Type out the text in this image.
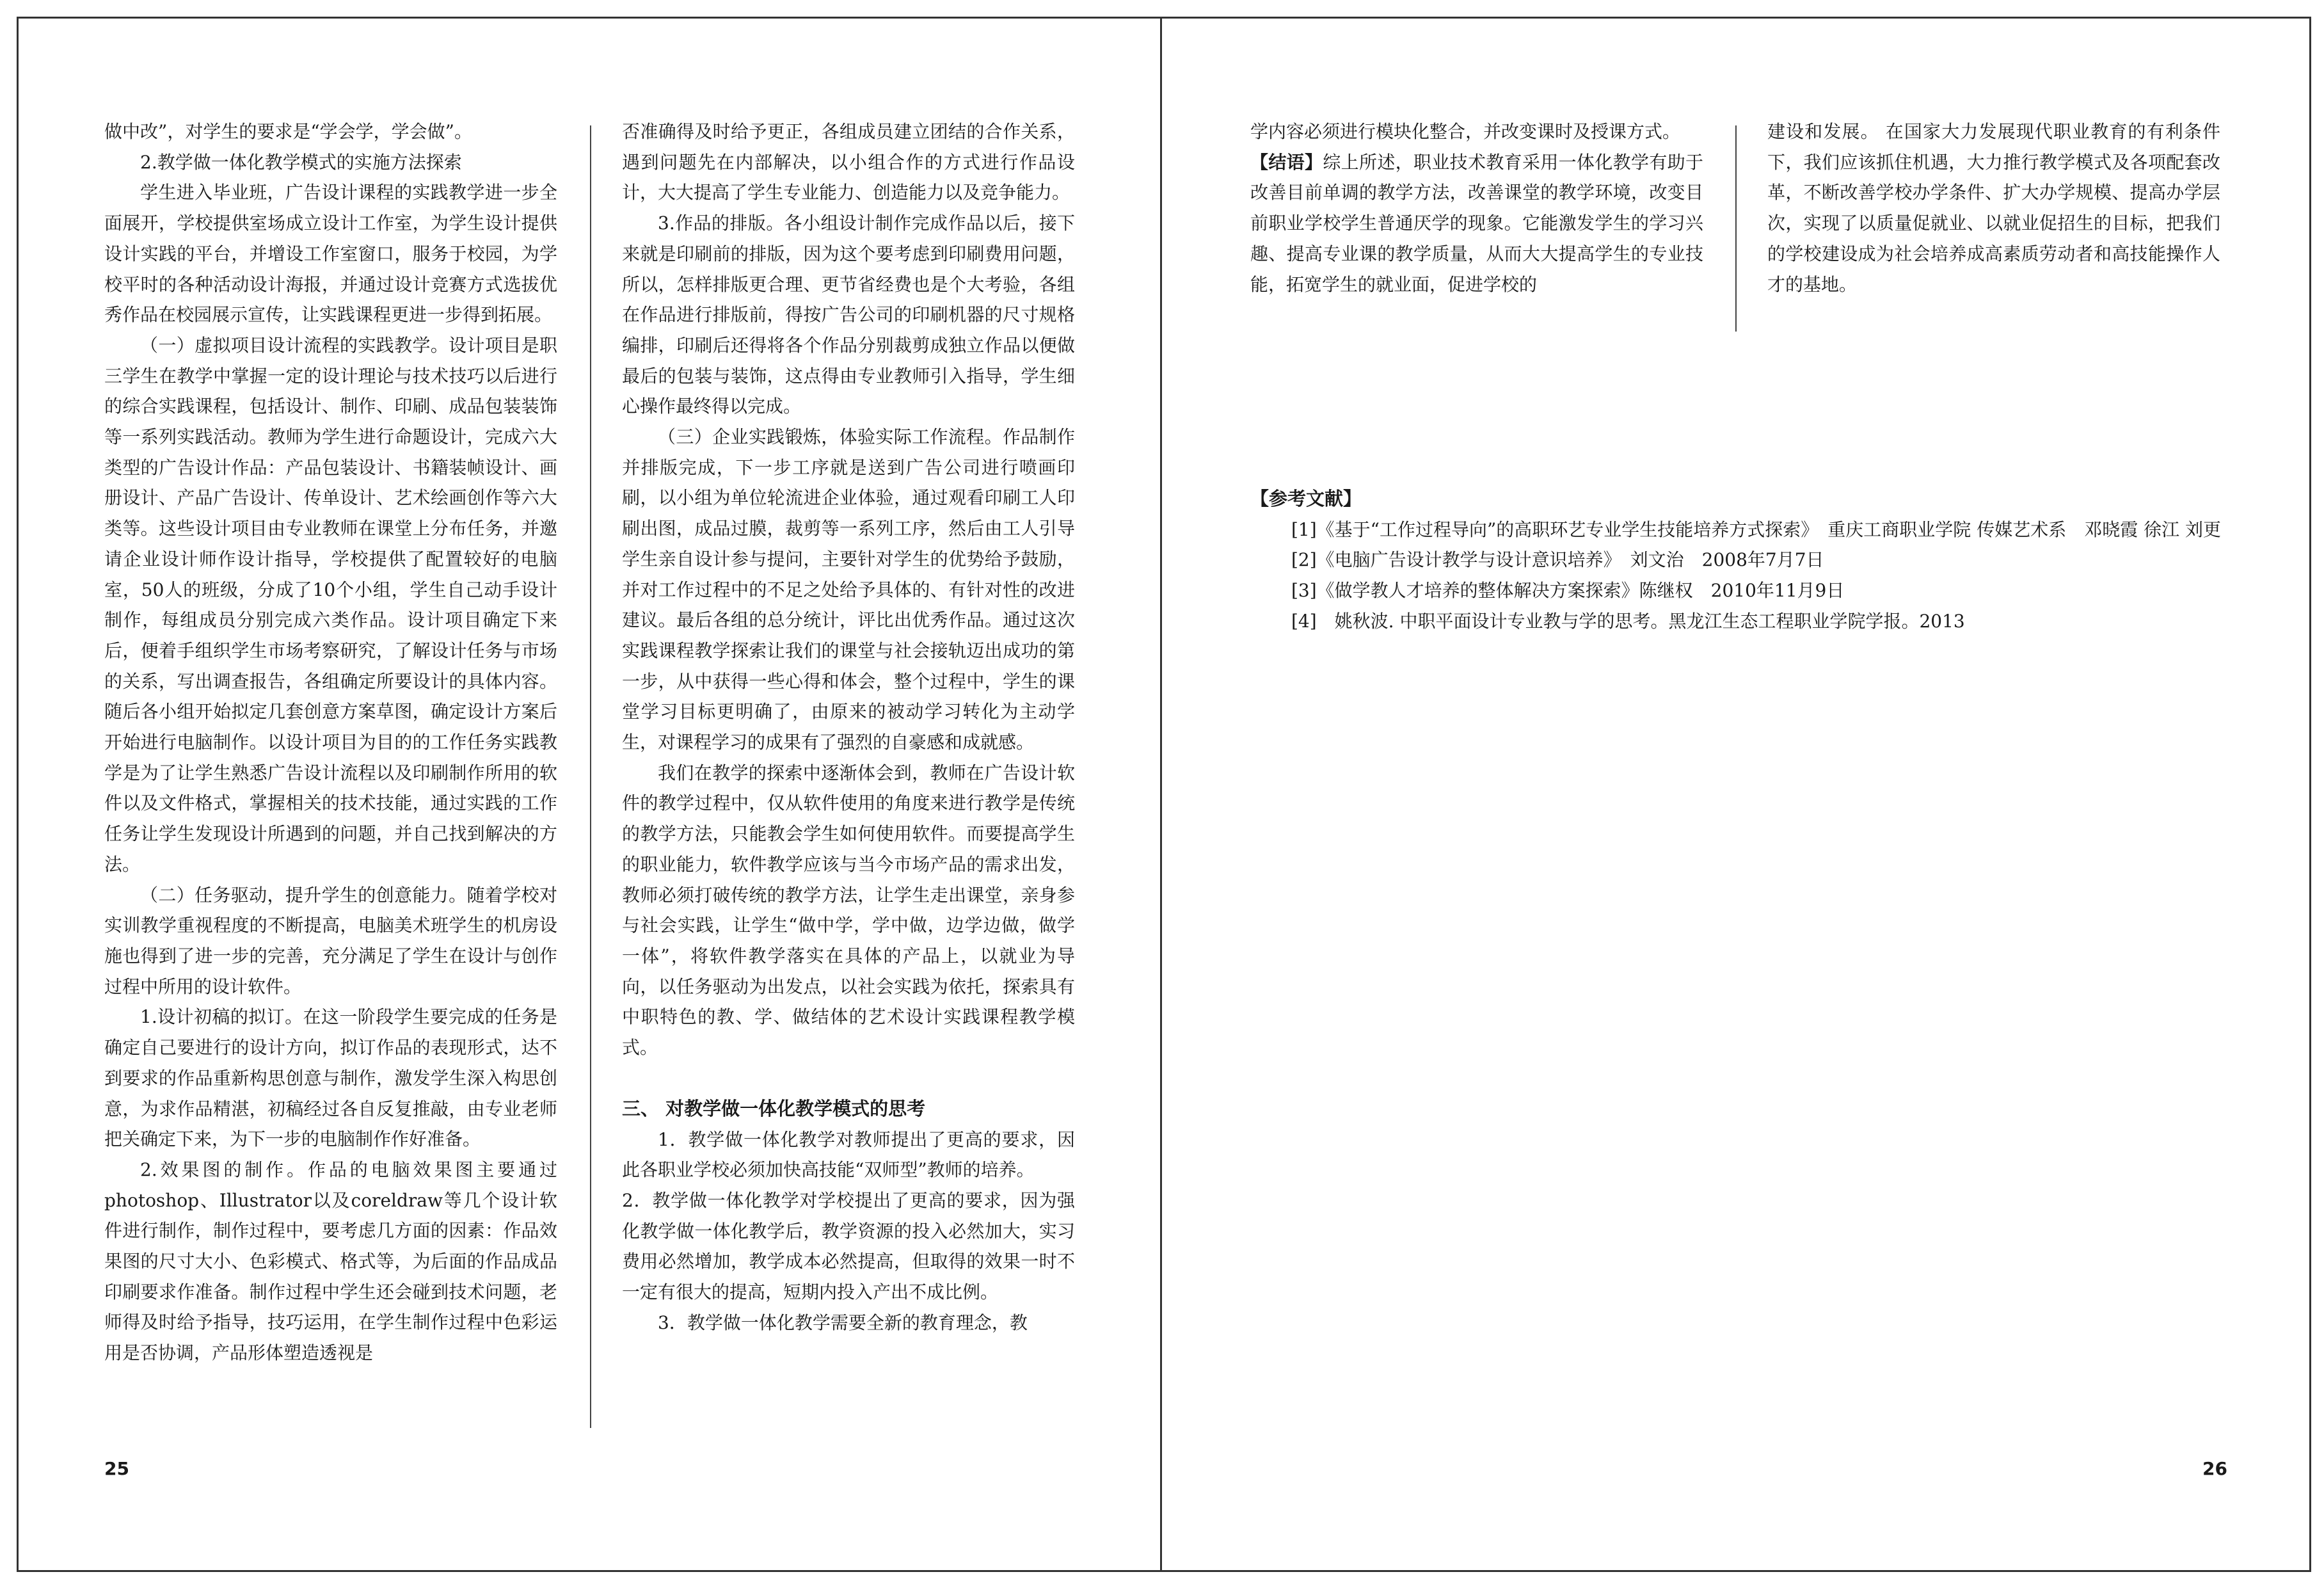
做中改”，对学生的要求是“学会学，学会做”。

2.教学做一体化教学模式的实施方法探索

学生进入毕业班，广告设计课程的实践教学进一步全面展开，学校提供室场成立设计工作室，为学生设计提供设计实践的平台，并增设工作室窗口，服务于校园，为学校平时的各种活动设计海报，并通过设计竞赛方式选拔优秀作品在校园展示宣传，让实践课程更进一步得到拓展。

（一）虚拟项目设计流程的实践教学。设计项目是职三学生在教学中掌握一定的设计理论与技术技巧以后进行的综合实践课程，包括设计、制作、印刷、成品包装装饰等一系列实践活动。教师为学生进行命题设计，完成六大类型的广告设计作品：产品包装设计、书籍装帧设计、画册设计、产品广告设计、传单设计、艺术绘画创作等六大类等。这些设计项目由专业教师在课堂上分布任务，并邀请企业设计师作设计指导，学校提供了配置较好的电脑室，50人的班级，分成了10个小组，学生自己动手设计制作，每组成员分别完成六类作品。设计项目确定下来后，便着手组织学生市场考察研究，了解设计任务与市场的关系，写出调查报告，各组确定所要设计的具体内容。随后各小组开始拟定几套创意方案草图，确定设计方案后开始进行电脑制作。以设计项目为目的的工作任务实践教学是为了让学生熟悉广告设计流程以及印刷制作所用的软件以及文件格式，掌握相关的技术技能，通过实践的工作任务让学生发现设计所遇到的问题，并自己找到解决的方法。

（二）任务驱动，提升学生的创意能力。随着学校对实训教学重视程度的不断提高，电脑美术班学生的机房设施也得到了进一步的完善，充分满足了学生在设计与创作过程中所用的设计软件。

1.设计初稿的拟订。在这一阶段学生要完成的任务是确定自己要进行的设计方向，拟订作品的表现形式，达不到要求的作品重新构思创意与制作，激发学生深入构思创意，为求作品精湛，初稿经过各自反复推敲，由专业老师把关确定下来，为下一步的电脑制作作好准备。

2.效果图的制作。作品的电脑效果图主要通过photoshop、Illustrator以及coreldraw等几个设计软件进行制作，制作过程中，要考虑几方面的因素：作品效果图的尺寸大小、色彩模式、格式等，为后面的作品成品印刷要求作准备。制作过程中学生还会碰到技术问题，老师得及时给予指导，技巧运用，在学生制作过程中色彩运用是否协调，产品形体塑造透视是

否准确得及时给予更正，各组成员建立团结的合作关系，遇到问题先在内部解决，以小组合作的方式进行作品设计，大大提高了学生专业能力、创造能力以及竞争能力。

3.作品的排版。各小组设计制作完成作品以后，接下来就是印刷前的排版，因为这个要考虑到印刷费用问题，所以，怎样排版更合理、更节省经费也是个大考验，各组在作品进行排版前，得按广告公司的印刷机器的尺寸规格编排，印刷后还得将各个作品分别裁剪成独立作品以便做最后的包装与装饰，这点得由专业教师引入指导，学生细心操作最终得以完成。

（三）企业实践锻炼，体验实际工作流程。作品制作并排版完成，下一步工序就是送到广告公司进行喷画印刷，以小组为单位轮流进企业体验，通过观看印刷工人印刷出图，成品过膜，裁剪等一系列工序，然后由工人引导学生亲自设计参与提问，主要针对学生的优势给予鼓励，并对工作过程中的不足之处给予具体的、有针对性的改进建议。最后各组的总分统计，评比出优秀作品。通过这次实践课程教学探索让我们的课堂与社会接轨迈出成功的第一步，从中获得一些心得和体会，整个过程中，学生的课堂学习目标更明确了，由原来的被动学习转化为主动学生，对课程学习的成果有了强烈的自豪感和成就感。

我们在教学的探索中逐渐体会到，教师在广告设计软件的教学过程中，仅从软件使用的角度来进行教学是传统的教学方法，只能教会学生如何使用软件。而要提高学生的职业能力，软件教学应该与当今市场产品的需求出发，教师必须打破传统的教学方法，让学生走出课堂，亲身参与社会实践，让学生“做中学，学中做，边学边做，做学一体”，将软件教学落实在具体的产品上，以就业为导向，以任务驱动为出发点，以社会实践为依托，探索具有中职特色的教、学、做结体的艺术设计实践课程教学模式。

三、 对教学做一体化教学模式的思考

1．教学做一体化教学对教师提出了更高的要求，因此各职业学校必须加快高技能“双师型”教师的培养。

2．教学做一体化教学对学校提出了更高的要求，因为强化教学做一体化教学后，教学资源的投入必然加大，实习费用必然增加，教学成本必然提高，但取得的效果一时不一定有很大的提高，短期内投入产出不成比例。

3．教学做一体化教学需要全新的教育理念，教

25

学内容必须进行模块化整合，并改变课时及授课方式。

【结语】综上所述，职业技术教育采用一体化教学有助于改善目前单调的教学方法，改善课堂的教学环境，改变目前职业学校学生普通厌学的现象。它能激发学生的学习兴趣、提高专业课的教学质量，从而大大提高学生的专业技能，拓宽学生的就业面，促进学校的

建设和发展。 在国家大力发展现代职业教育的有利条件下，我们应该抓住机遇，大力推行教学模式及各项配套改革，不断改善学校办学条件、扩大办学规模、提高办学层次，实现了以质量促就业、以就业促招生的目标，把我们的学校建设成为社会培养成高素质劳动者和高技能操作人才的基地。

【参考文献】

[1]《基于“工作过程导向”的高职环艺专业学生技能培养方式探索》　重庆工商职业学院 传媒艺术系　邓晓霞 徐江 刘更

[2]《电脑广告设计教学与设计意识培养》　刘文治　2008年7月7日

[3]《做学教人才培养的整体解决方案探索》陈继权　2010年11月9日

[4]　姚秋波. 中职平面设计专业教与学的思考。黑龙江生态工程职业学院学报。2013

26
